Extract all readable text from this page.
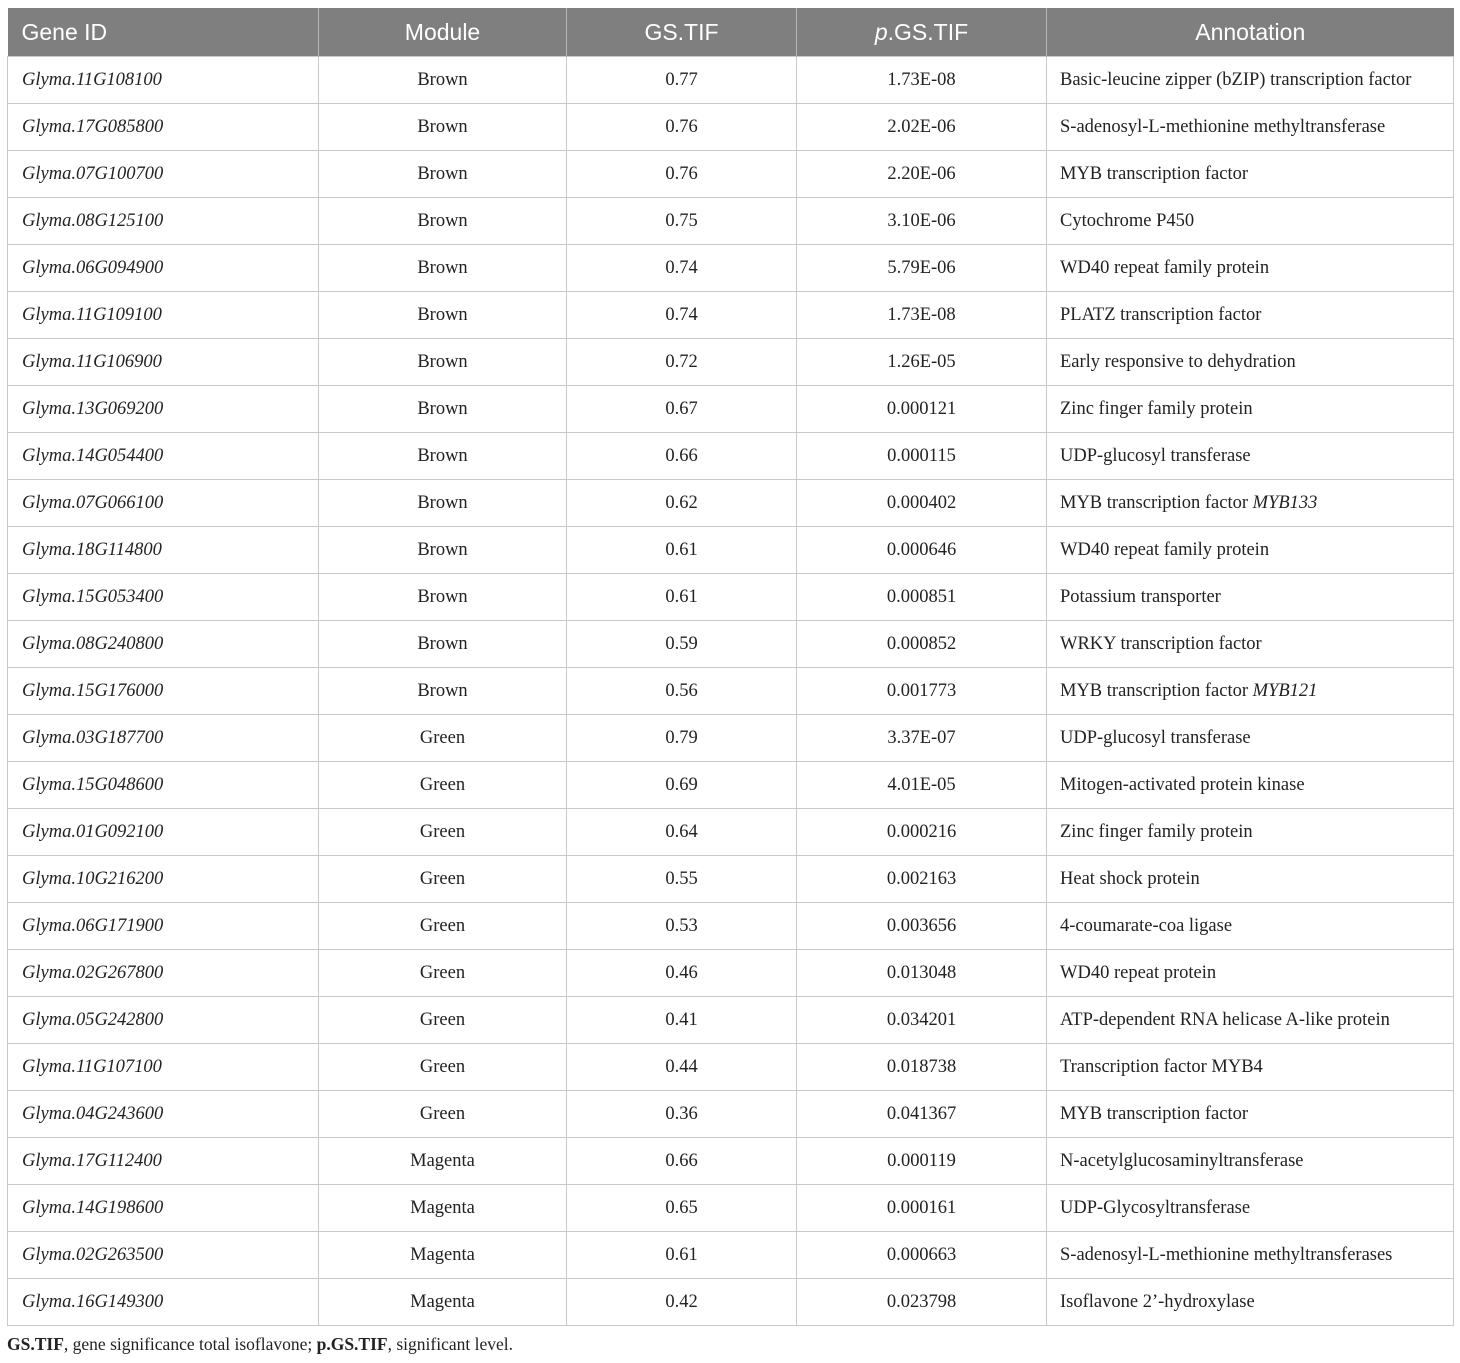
Gene ID	Module	GS.TIF	p.GS.TIF	Annotation
Glyma.11G108100	Brown	0.77	1.73E-08	Basic-leucine zipper (bZIP) transcription factor
Glyma.17G085800	Brown	0.76	2.02E-06	S-adenosyl-L-methionine methyltransferase
Glyma.07G100700	Brown	0.76	2.20E-06	MYB transcription factor
Glyma.08G125100	Brown	0.75	3.10E-06	Cytochrome P450
Glyma.06G094900	Brown	0.74	5.79E-06	WD40 repeat family protein
Glyma.11G109100	Brown	0.74	1.73E-08	PLATZ transcription factor
Glyma.11G106900	Brown	0.72	1.26E-05	Early responsive to dehydration
Glyma.13G069200	Brown	0.67	0.000121	Zinc finger family protein
Glyma.14G054400	Brown	0.66	0.000115	UDP-glucosyl transferase
Glyma.07G066100	Brown	0.62	0.000402	MYB transcription factor MYB133
Glyma.18G114800	Brown	0.61	0.000646	WD40 repeat family protein
Glyma.15G053400	Brown	0.61	0.000851	Potassium transporter
Glyma.08G240800	Brown	0.59	0.000852	WRKY transcription factor
Glyma.15G176000	Brown	0.56	0.001773	MYB transcription factor MYB121
Glyma.03G187700	Green	0.79	3.37E-07	UDP-glucosyl transferase
Glyma.15G048600	Green	0.69	4.01E-05	Mitogen-activated protein kinase
Glyma.01G092100	Green	0.64	0.000216	Zinc finger family protein
Glyma.10G216200	Green	0.55	0.002163	Heat shock protein
Glyma.06G171900	Green	0.53	0.003656	4-coumarate-coa ligase
Glyma.02G267800	Green	0.46	0.013048	WD40 repeat protein
Glyma.05G242800	Green	0.41	0.034201	ATP-dependent RNA helicase A-like protein
Glyma.11G107100	Green	0.44	0.018738	Transcription factor MYB4
Glyma.04G243600	Green	0.36	0.041367	MYB transcription factor
Glyma.17G112400	Magenta	0.66	0.000119	N-acetylglucosaminyltransferase
Glyma.14G198600	Magenta	0.65	0.000161	UDP-Glycosyltransferase
Glyma.02G263500	Magenta	0.61	0.000663	S-adenosyl-L-methionine methyltransferases
Glyma.16G149300	Magenta	0.42	0.023798	Isoflavone 2’-hydroxylase
GS.TIF, gene significance total isoflavone; p.GS.TIF, significant level.
